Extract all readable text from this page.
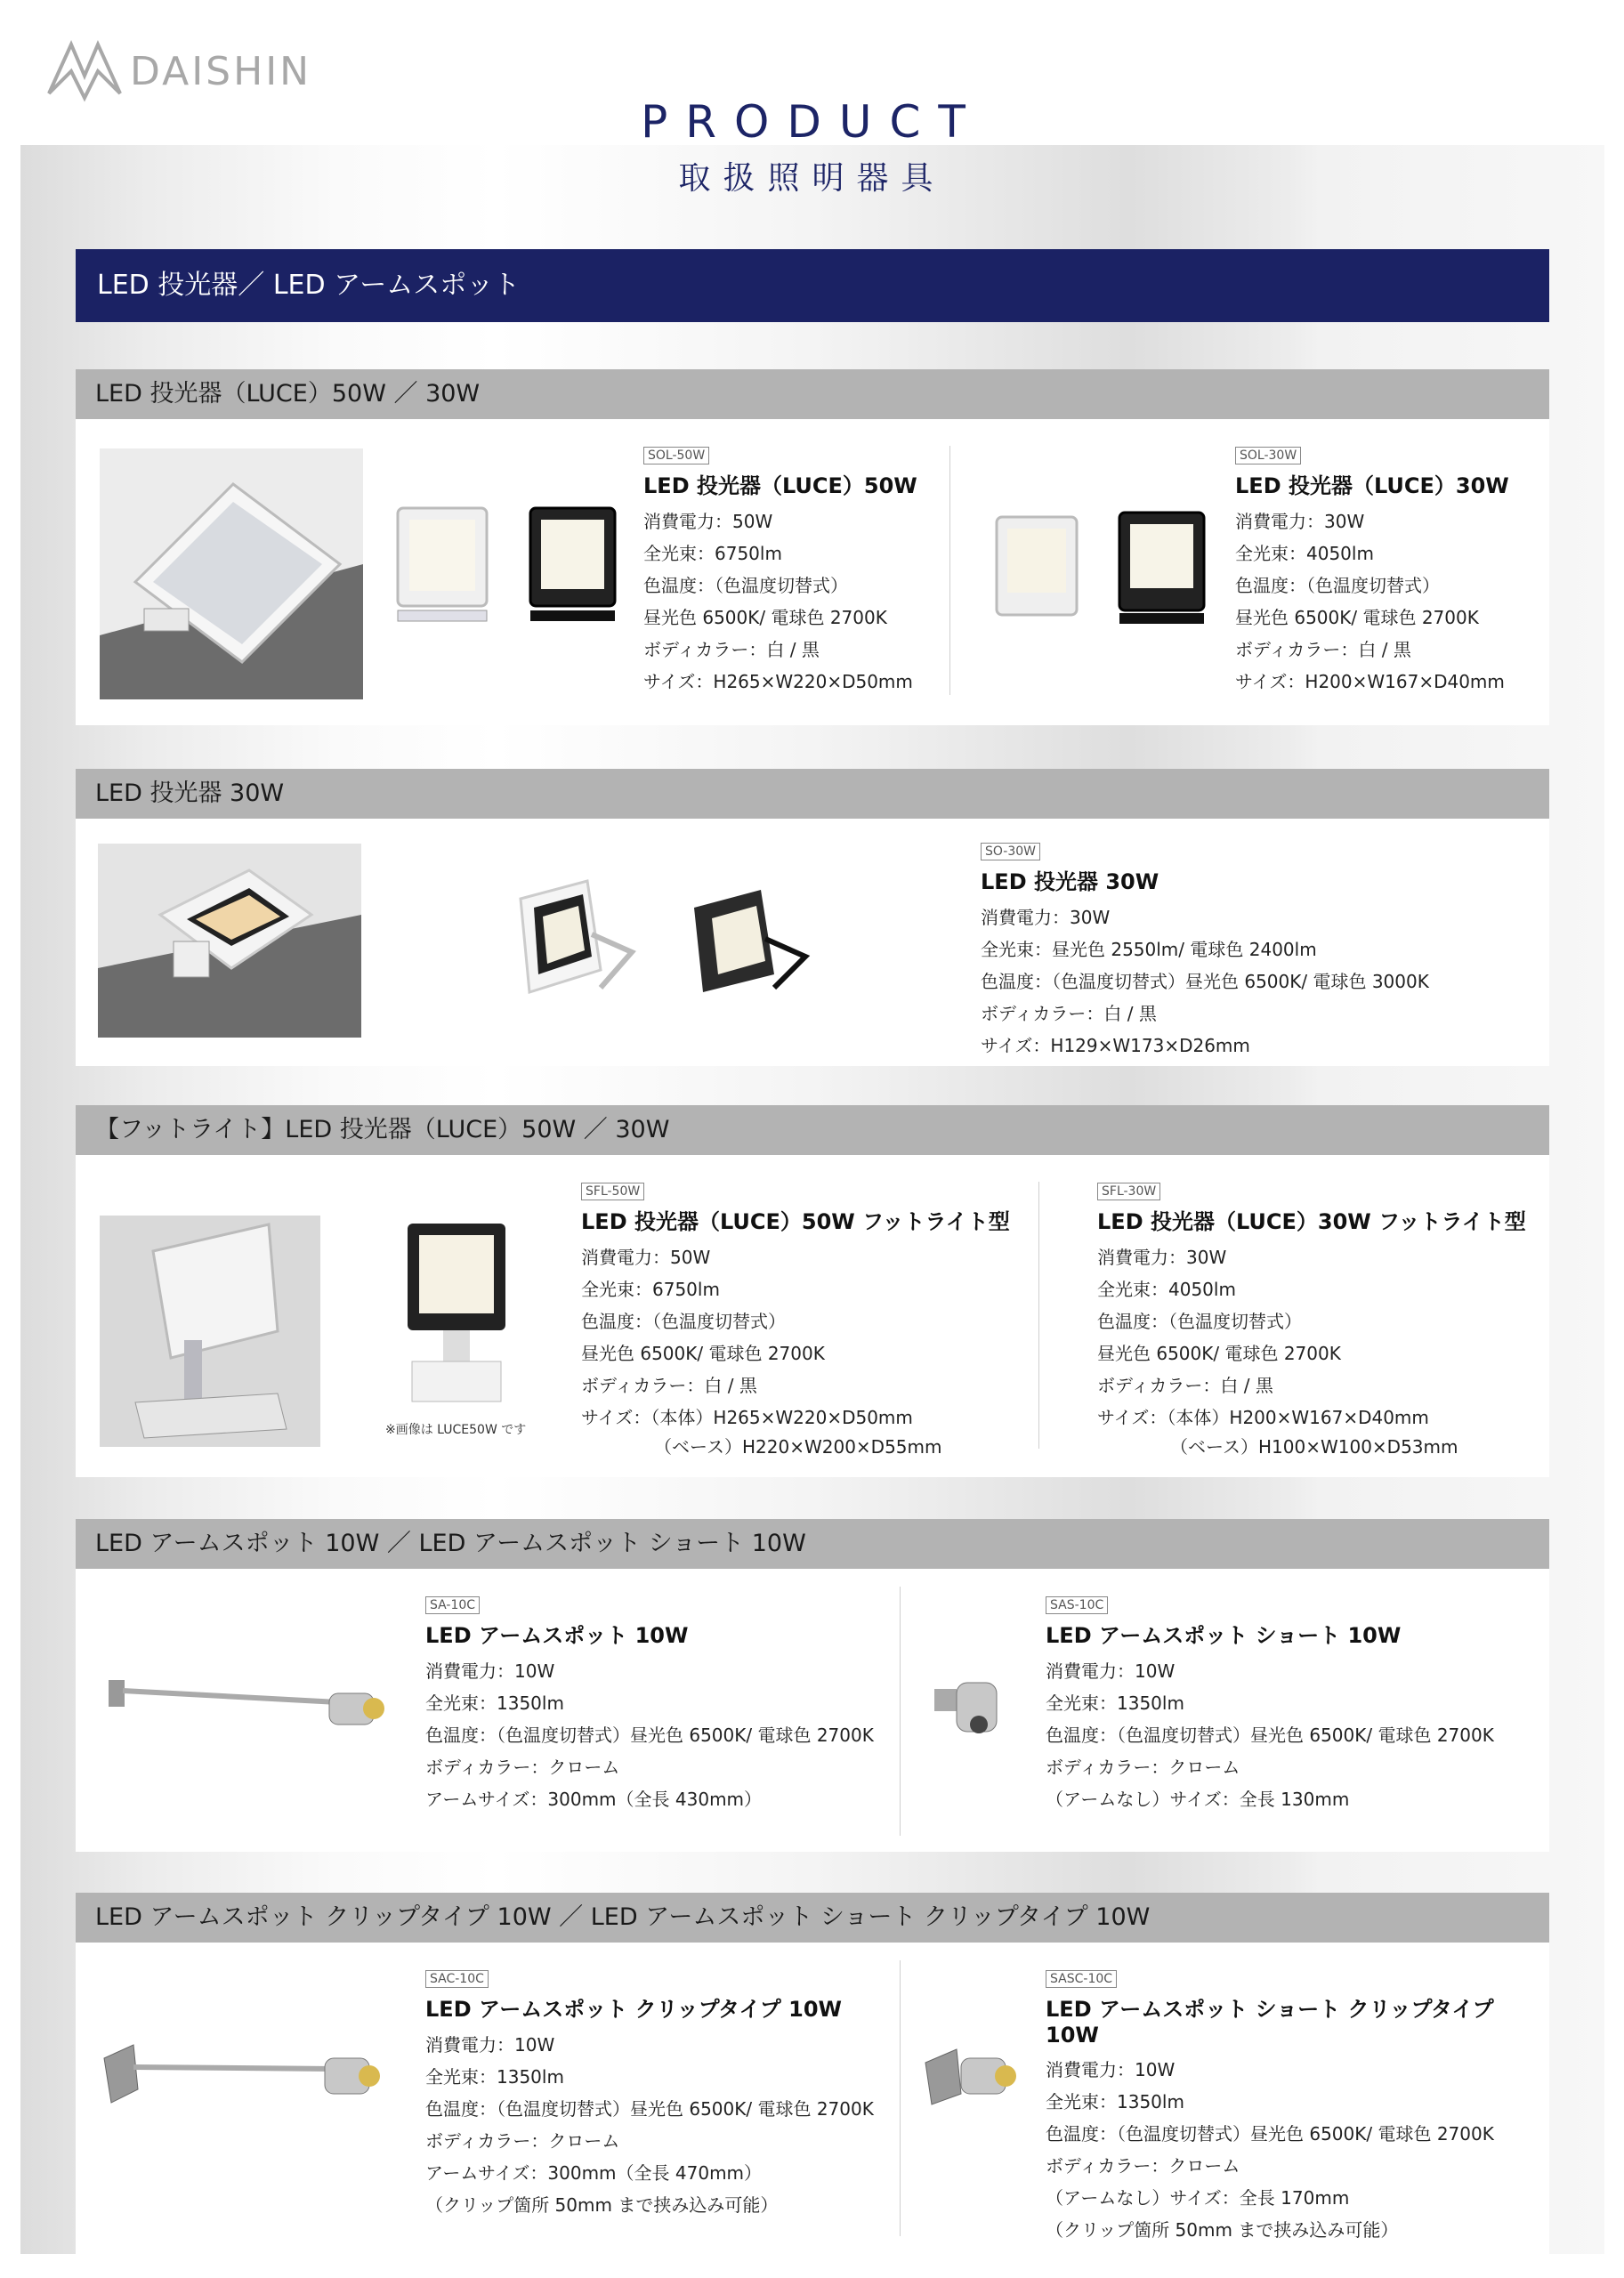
DAISHIN
PRODUCT
取扱照明器具
LED 投光器／ LED アームスポット
LED 投光器（LUCE）50W ／ 30W
SOL-50W
LED 投光器（LUCE）50W
消費電力：50W
全光束：6750lm
色温度：（色温度切替式）
昼光色 6500K/ 電球色 2700K
ボディカラー：白 / 黒
サイズ：H265×W220×D50mm
SOL-30W
LED 投光器（LUCE）30W
消費電力：30W
全光束：4050lm
色温度：（色温度切替式）
昼光色 6500K/ 電球色 2700K
ボディカラー：白 / 黒
サイズ：H200×W167×D40mm
LED 投光器 30W
SO-30W
LED 投光器 30W
消費電力：30W
全光束：昼光色 2550lm/ 電球色 2400lm
色温度：（色温度切替式）昼光色 6500K/ 電球色 3000K
ボディカラー：白 / 黒
サイズ：H129×W173×D26mm
【フットライト】LED 投光器（LUCE）50W ／ 30W
※画像は LUCE50W です
SFL-50W
LED 投光器（LUCE）50W フットライト型
消費電力：50W
全光束：6750lm
色温度：（色温度切替式）
昼光色 6500K/ 電球色 2700K
ボディカラー：白 / 黒
サイズ：（本体）H265×W220×D50mm
（ベース）H220×W200×D55mm
SFL-30W
LED 投光器（LUCE）30W フットライト型
消費電力：30W
全光束：4050lm
色温度：（色温度切替式）
昼光色 6500K/ 電球色 2700K
ボディカラー：白 / 黒
サイズ：（本体）H200×W167×D40mm
（ベース）H100×W100×D53mm
LED アームスポット 10W ／ LED アームスポット ショート 10W
SA-10C
LED アームスポット 10W
消費電力：10W
全光束：1350lm
色温度：（色温度切替式）昼光色 6500K/ 電球色 2700K
ボディカラー：クローム
アームサイズ：300mm（全長 430mm）
SAS-10C
LED アームスポット ショート 10W
消費電力：10W
全光束：1350lm
色温度：（色温度切替式）昼光色 6500K/ 電球色 2700K
ボディカラー：クローム
（アームなし）サイズ：全長 130mm
LED アームスポット クリップタイプ 10W ／ LED アームスポット ショート クリップタイプ 10W
SAC-10C
LED アームスポット クリップタイプ 10W
消費電力：10W
全光束：1350lm
色温度：（色温度切替式）昼光色 6500K/ 電球色 2700K
ボディカラー：クローム
アームサイズ：300mm（全長 470mm）
（クリップ箇所 50mm まで挟み込み可能）
SASC-10C
LED アームスポット ショート クリップタイプ 10W
消費電力：10W
全光束：1350lm
色温度：（色温度切替式）昼光色 6500K/ 電球色 2700K
ボディカラー：クローム
（アームなし）サイズ：全長 170mm
（クリップ箇所 50mm まで挟み込み可能）
